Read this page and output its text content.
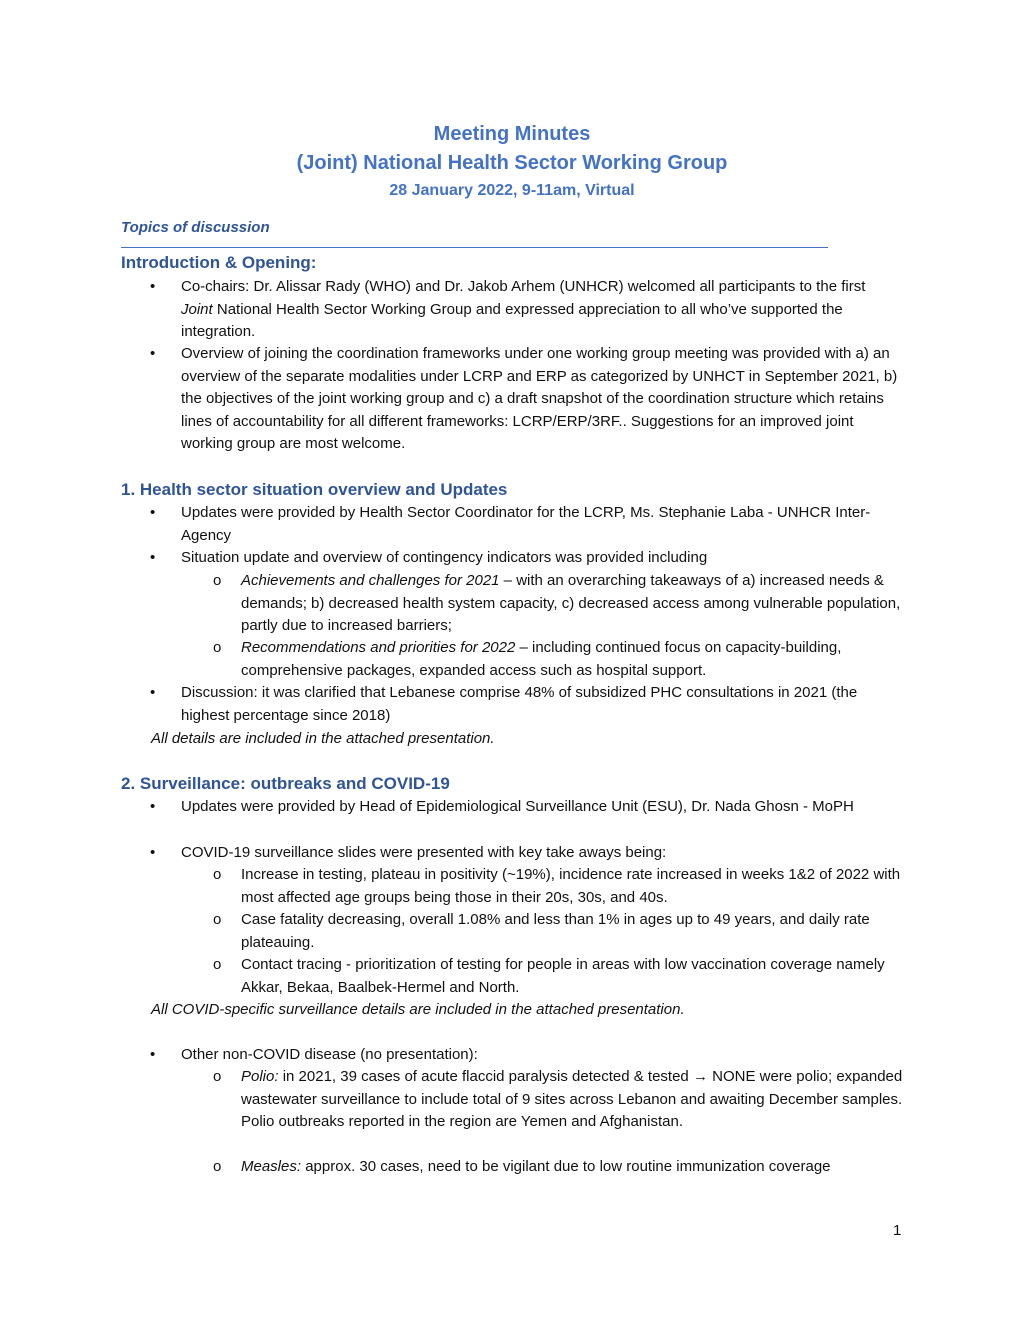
Meeting Minutes
(Joint) National Health Sector Working Group
28 January 2022, 9-11am, Virtual
Topics of discussion
Introduction & Opening:
• Co-chairs: Dr. Alissar Rady (WHO) and Dr. Jakob Arhem (UNHCR) welcomed all participants to the first Joint National Health Sector Working Group and expressed appreciation to all who’ve supported the integration.
• Overview of joining the coordination frameworks under one working group meeting was provided with a) an overview of the separate modalities under LCRP and ERP as categorized by UNHCT in September 2021, b) the objectives of the joint working group and c) a draft snapshot of the coordination structure which retains lines of accountability for all different frameworks: LCRP/ERP/3RF.. Suggestions for an improved joint working group are most welcome.
1. Health sector situation overview and Updates
• Updates were provided by Health Sector Coordinator for the LCRP, Ms. Stephanie Laba - UNHCR Inter-Agency
• Situation update and overview of contingency indicators was provided including
o Achievements and challenges for 2021 – with an overarching takeaways of a) increased needs & demands; b) decreased health system capacity, c) decreased access among vulnerable population, partly due to increased barriers;
o Recommendations and priorities for 2022 – including continued focus on capacity-building, comprehensive packages, expanded access such as hospital support.
• Discussion: it was clarified that Lebanese comprise 48% of subsidized PHC consultations in 2021 (the highest percentage since 2018)
All details are included in the attached presentation.
2. Surveillance: outbreaks and COVID-19
• Updates were provided by Head of Epidemiological Surveillance Unit (ESU), Dr. Nada Ghosn - MoPH
• COVID-19 surveillance slides were presented with key take aways being:
o Increase in testing, plateau in positivity (~19%), incidence rate increased in weeks 1&2 of 2022 with most affected age groups being those in their 20s, 30s, and 40s.
o Case fatality decreasing, overall 1.08% and less than 1% in ages up to 49 years, and daily rate plateauing.
o Contact tracing - prioritization of testing for people in areas with low vaccination coverage namely Akkar, Bekaa, Baalbek-Hermel and North.
All COVID-specific surveillance details are included in the attached presentation.
• Other non-COVID disease (no presentation):
o Polio: in 2021, 39 cases of acute flaccid paralysis detected & tested → NONE were polio; expanded wastewater surveillance to include total of 9 sites across Lebanon and awaiting December samples. Polio outbreaks reported in the region are Yemen and Afghanistan.
o Measles: approx. 30 cases, need to be vigilant due to low routine immunization coverage
1
